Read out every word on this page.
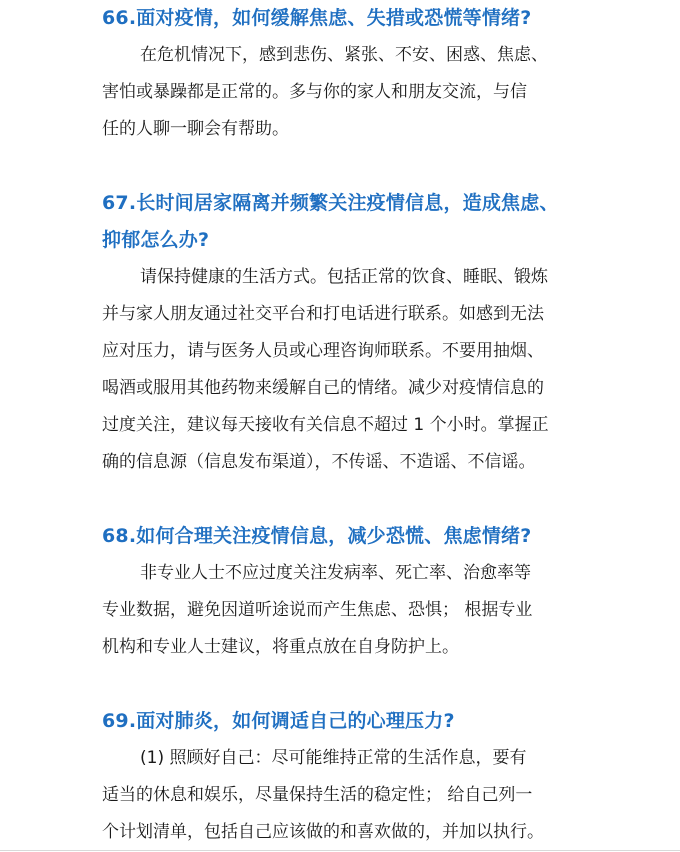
66.面对疫情，如何缓解焦虑、失措或恐慌等情绪?

在危机情况下，感到悲伤、紧张、不安、困惑、焦虑、
害怕或暴躁都是正常的。多与你的家人和朋友交流，与信
任的人聊一聊会有帮助。

67.长时间居家隔离并频繁关注疫情信息，造成焦虑、
抑郁怎么办?

请保持健康的生活方式。包括正常的饮食、睡眠、锻炼
并与家人朋友通过社交平台和打电话进行联系。如感到无法
应对压力，请与医务人员或心理咨询师联系。不要用抽烟、
喝酒或服用其他药物来缓解自己的情绪。减少对疫情信息的
过度关注，建议每天接收有关信息不超过 1 个小时。掌握正
确的信息源（信息发布渠道），不传谣、不造谣、不信谣。

68.如何合理关注疫情信息，减少恐慌、焦虑情绪?

非专业人士不应过度关注发病率、死亡率、治愈率等
专业数据，避免因道听途说而产生焦虑、恐惧； 根据专业
机构和专业人士建议，将重点放在自身防护上。

69.面对肺炎，如何调适自己的心理压力?

(1) 照顾好自己：尽可能维持正常的生活作息，要有
适当的休息和娱乐，尽量保持生活的稳定性； 给自己列一
个计划清单，包括自己应该做的和喜欢做的，并加以执行。
